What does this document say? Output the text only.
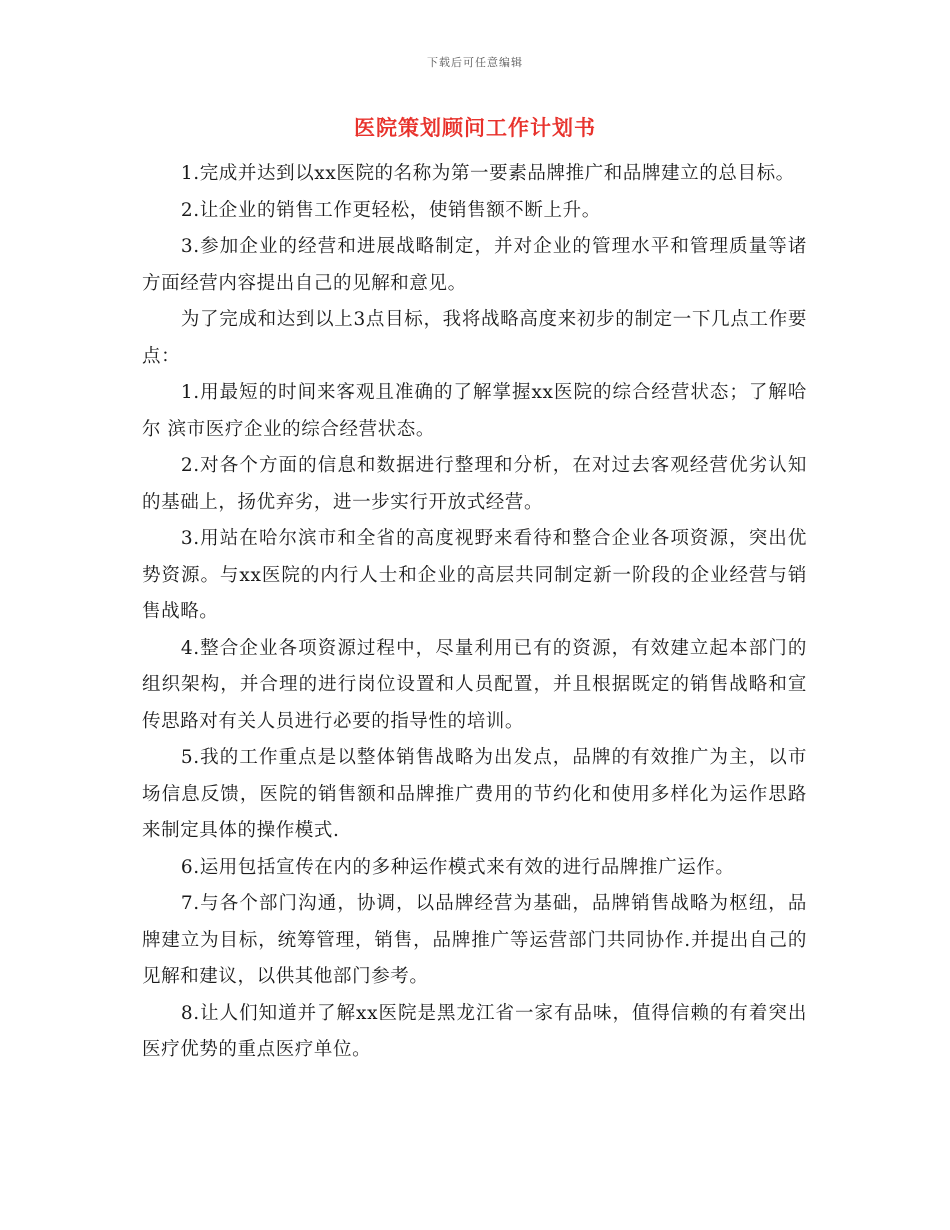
下载后可任意编辑
医院策划顾问工作计划书

1.完成并达到以xx医院的名称为第一要素品牌推广和品牌建立的总目标。

2.让企业的销售工作更轻松，使销售额不断上升。

3.参加企业的经营和进展战略制定，并对企业的管理水平和管理质量等诸方面经营内容提出自己的见解和意见。

为了完成和达到以上3点目标，我将战略高度来初步的制定一下几点工作要点：

1.用最短的时间来客观且准确的了解掌握xx医院的综合经营状态；了解哈尔 滨市医疗企业的综合经营状态。

2.对各个方面的信息和数据进行整理和分析，在对过去客观经营优劣认知的基础上，扬优弃劣，进一步实行开放式经营。

3.用站在哈尔滨市和全省的高度视野来看待和整合企业各项资源，突出优势资源。与xx医院的内行人士和企业的高层共同制定新一阶段的企业经营与销售战略。

4.整合企业各项资源过程中，尽量利用已有的资源，有效建立起本部门的组织架构，并合理的进行岗位设置和人员配置，并且根据既定的销售战略和宣传思路对有关人员进行必要的指导性的培训。

5.我的工作重点是以整体销售战略为出发点，品牌的有效推广为主，以市场信息反馈，医院的销售额和品牌推广费用的节约化和使用多样化为运作思路来制定具体的操作模式.

6.运用包括宣传在内的多种运作模式来有效的进行品牌推广运作。

7.与各个部门沟通，协调，以品牌经营为基础，品牌销售战略为枢纽，品牌建立为目标，统筹管理，销售，品牌推广等运营部门共同协作.并提出自己的见解和建议，以供其他部门参考。

8.让人们知道并了解xx医院是黑龙江省一家有品味，值得信赖的有着突出医疗优势的重点医疗单位。
